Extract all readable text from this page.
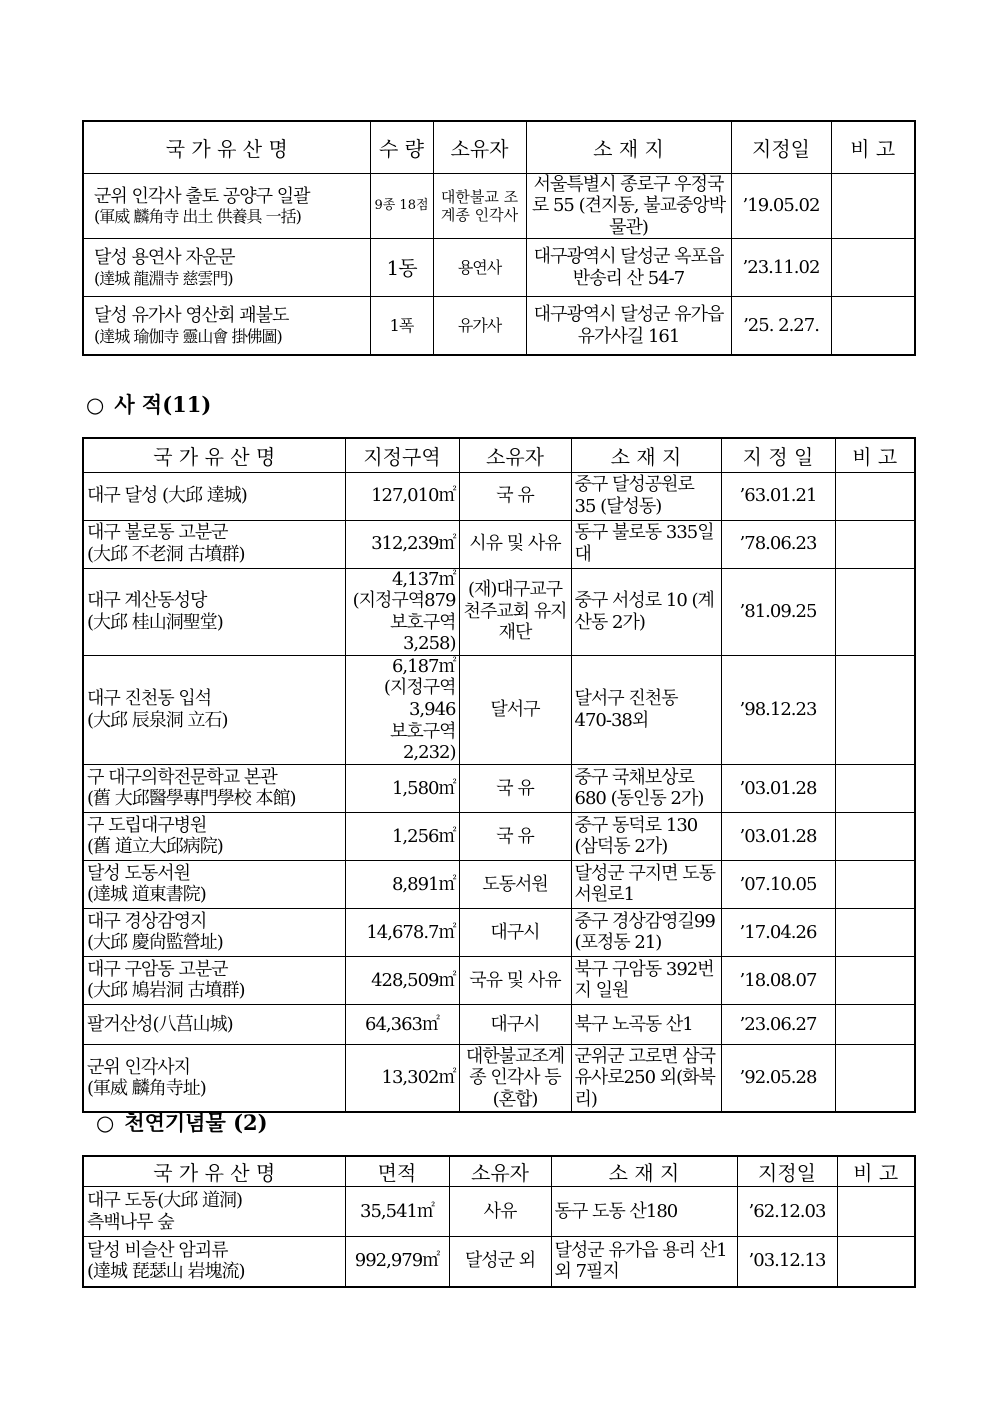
국 가 유 산 명	수 량	소유자	소 재 지	지정일	비 고
군위 인각사 출토 공양구 일괄
(軍威 麟角寺 出土 供養具 一括)	9종 18점	대한불교 조계종 인각사	서울특별시 종로구 우정국로 55 (견지동, 불교중앙박물관)	’19.05.02	
달성 용연사 자운문
(達城 龍淵寺 慈雲門)	1동	용연사	대구광역시 달성군 옥포읍 반송리 산 54-7	’23.11.02	
달성 유가사 영산회 괘불도
(達城 瑜伽寺 靈山會 掛佛圖)	1폭	유가사	대구광역시 달성군 유가읍 유가사길 161	’25. 2.27.	
○ 사 적(11)
국 가 유 산 명	지정구역	소유자	소 재 지	지 정 일	비 고
대구 달성 (大邱 達城)	127,010㎡	국 유	중구 달성공원로 35 (달성동)	’63.01.21	
대구 불로동 고분군
(大邱 不老洞 古墳群)	312,239㎡	시유 및 사유	동구 불로동 335일대	’78.06.23	
대구 계산동성당
(大邱 桂山洞聖堂)	4,137㎡
(지정구역879
보호구역3,258)	(재)대구교구 천주교회 유지재단	중구 서성로 10 (계산동 2가)	’81.09.25	
대구 진천동 입석
(大邱 辰泉洞 立石)	6,187㎡
(지정구역3,946
보호구역2,232)	달서구	달서구 진천동 470-38외	’98.12.23	
구 대구의학전문학교 본관
(舊 大邱醫學專門學校 本館)	1,580㎡	국 유	중구 국채보상로 680 (동인동 2가)	’03.01.28	
구 도립대구병원
(舊 道立大邱病院)	1,256㎡	국 유	중구 동덕로 130 (삼덕동 2가)	’03.01.28	
달성 도동서원
(達城 道東書院)	8,891㎡	도동서원	달성군 구지면 도동서원로1	’07.10.05	
대구 경상감영지
(大邱 慶尙監營址)	14,678.7㎡	대구시	중구 경상감영길99 (포정동 21)	’17.04.26	
대구 구암동 고분군
(大邱 鳩岩洞 古墳群)	428,509㎡	국유 및 사유	북구 구암동 392번지 일원	’18.08.07	
팔거산성(八莒山城)	64,363㎡	대구시	북구 노곡동 산1	’23.06.27	
군위 인각사지
(軍威 麟角寺址)	13,302㎡	대한불교조계종 인각사 등(혼합)	군위군 고로면 삼국유사로250 외(화북리)	’92.05.28	
○ 천연기념물 (2)
국 가 유 산 명	면적	소유자	소 재 지	지정일	비 고
대구 도동(大邱 道洞)
측백나무 숲	35,541㎡	사유	동구 도동 산180	’62.12.03	
달성 비슬산 암괴류
(達城 琵瑟山 岩塊流)	992,979㎡	달성군 외	달성군 유가읍 용리 산1외 7필지	’03.12.13	
